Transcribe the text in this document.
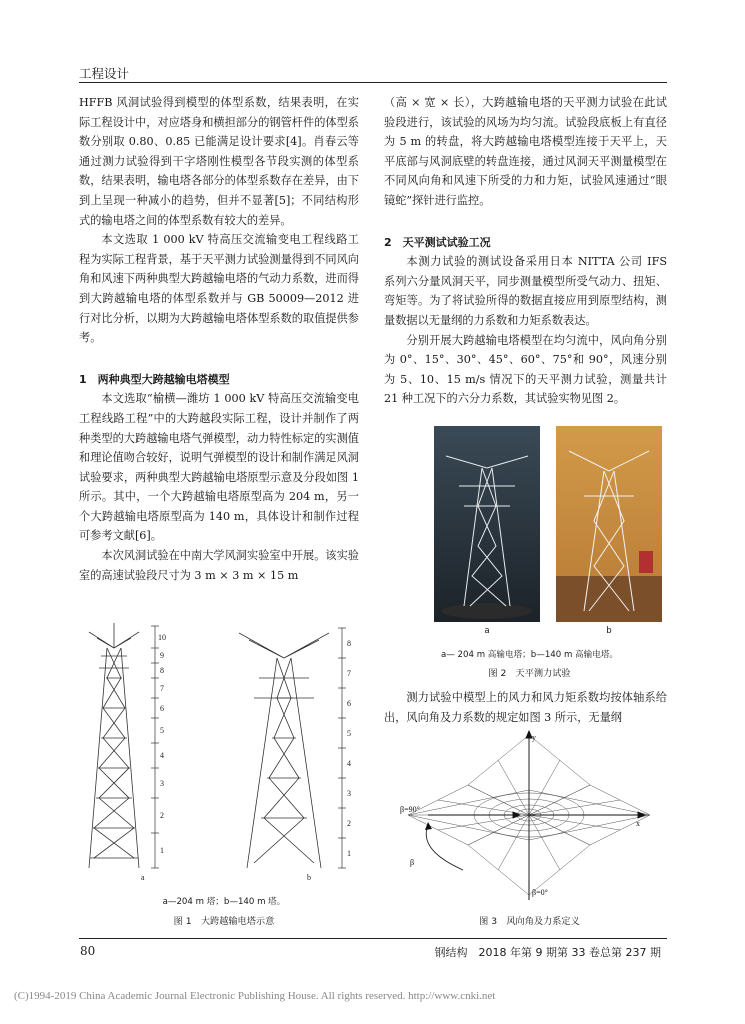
工程设计

HFFB 风洞试验得到模型的体型系数，结果表明，在实际工程设计中，对应塔身和横担部分的钢管杆件的体型系数分别取 0.80、0.85 已能满足设计要求[4]。肖春云等通过测力试验得到干字塔刚性模型各节段实测的体型系数，结果表明，输电塔各部分的体型系数存在差异，由下到上呈现一种减小的趋势，但并不显著[5]；不同结构形式的输电塔之间的体型系数有较大的差异。

本文选取 1 000 kV 特高压交流输变电工程线路工程为实际工程背景，基于天平测力试验测量得到不同风向角和风速下两种典型大跨越输电塔的气动力系数，进而得到大跨越输电塔的体型系数并与 GB 50009—2012 进行对比分析，以期为大跨越输电塔体型系数的取值提供参考。

1　两种典型大跨越输电塔模型

本文选取“榆横—潍坊 1 000 kV 特高压交流输变电工程线路工程”中的大跨越段实际工程，设计并制作了两种类型的大跨越输电塔气弹模型，动力特性标定的实测值和理论值吻合较好，说明气弹模型的设计和制作满足风洞试验要求，两种典型大跨越输电塔原型示意及分段如图 1 所示。其中，一个大跨越输电塔原型高为 204 m，另一个大跨越输电塔原型高为 140 m，具体设计和制作过程可参考文献[6]。

本次风洞试验在中南大学风洞实验室中开展。该实验室的高速试验段尺寸为 3 m × 3 m × 15 m

（高 × 宽 × 长），大跨越输电塔的天平测力试验在此试验段进行，该试验的风场为均匀流。试验段底板上有直径为 5 m 的转盘，将大跨越输电塔模型连接于天平上，天平底部与风洞底壁的转盘连接，通过风洞天平测量模型在不同风向角和风速下所受的力和力矩，试验风速通过“眼镜蛇”探针进行监控。

2　天平测试试验工况

本测力试验的测试设备采用日本 NITTA 公司 IFS 系列六分量风洞天平，同步测量模型所受气动力、扭矩、弯矩等。为了将试验所得的数据直接应用到原型结构，测量数据以无量纲的力系数和力矩系数表达。

分别开展大跨越输电塔模型在均匀流中，风向角分别为 0°、15°、30°、45°、60°、75°和 90°，风速分别为 5、10、15 m/s 情况下的天平测力试验，测量共计 21 种工况下的六分力系数，其试验实物见图 2。

10
9
8
7
6
5
4
3
2
1
a
8
7
6
5
4
3
2
1
b
a—204 m 塔；b—140 m 塔。
图 1　大跨越输电塔示意
a	b
a— 204 m 高输电塔；b—140 m 高输电塔。
图 2　天平测力试验

测力试验中模型上的风力和风力矩系数均按体轴系给出，风向角及力系数的规定如图 3 所示，无量纲

y
x
β=90°
β
β=0°
图 3　风向角及力系定义
80	钢结构　2018 年第 9 期第 33 卷总第 237 期
(C)1994-2019 China Academic Journal Electronic Publishing House. All rights reserved. http://www.cnki.net
